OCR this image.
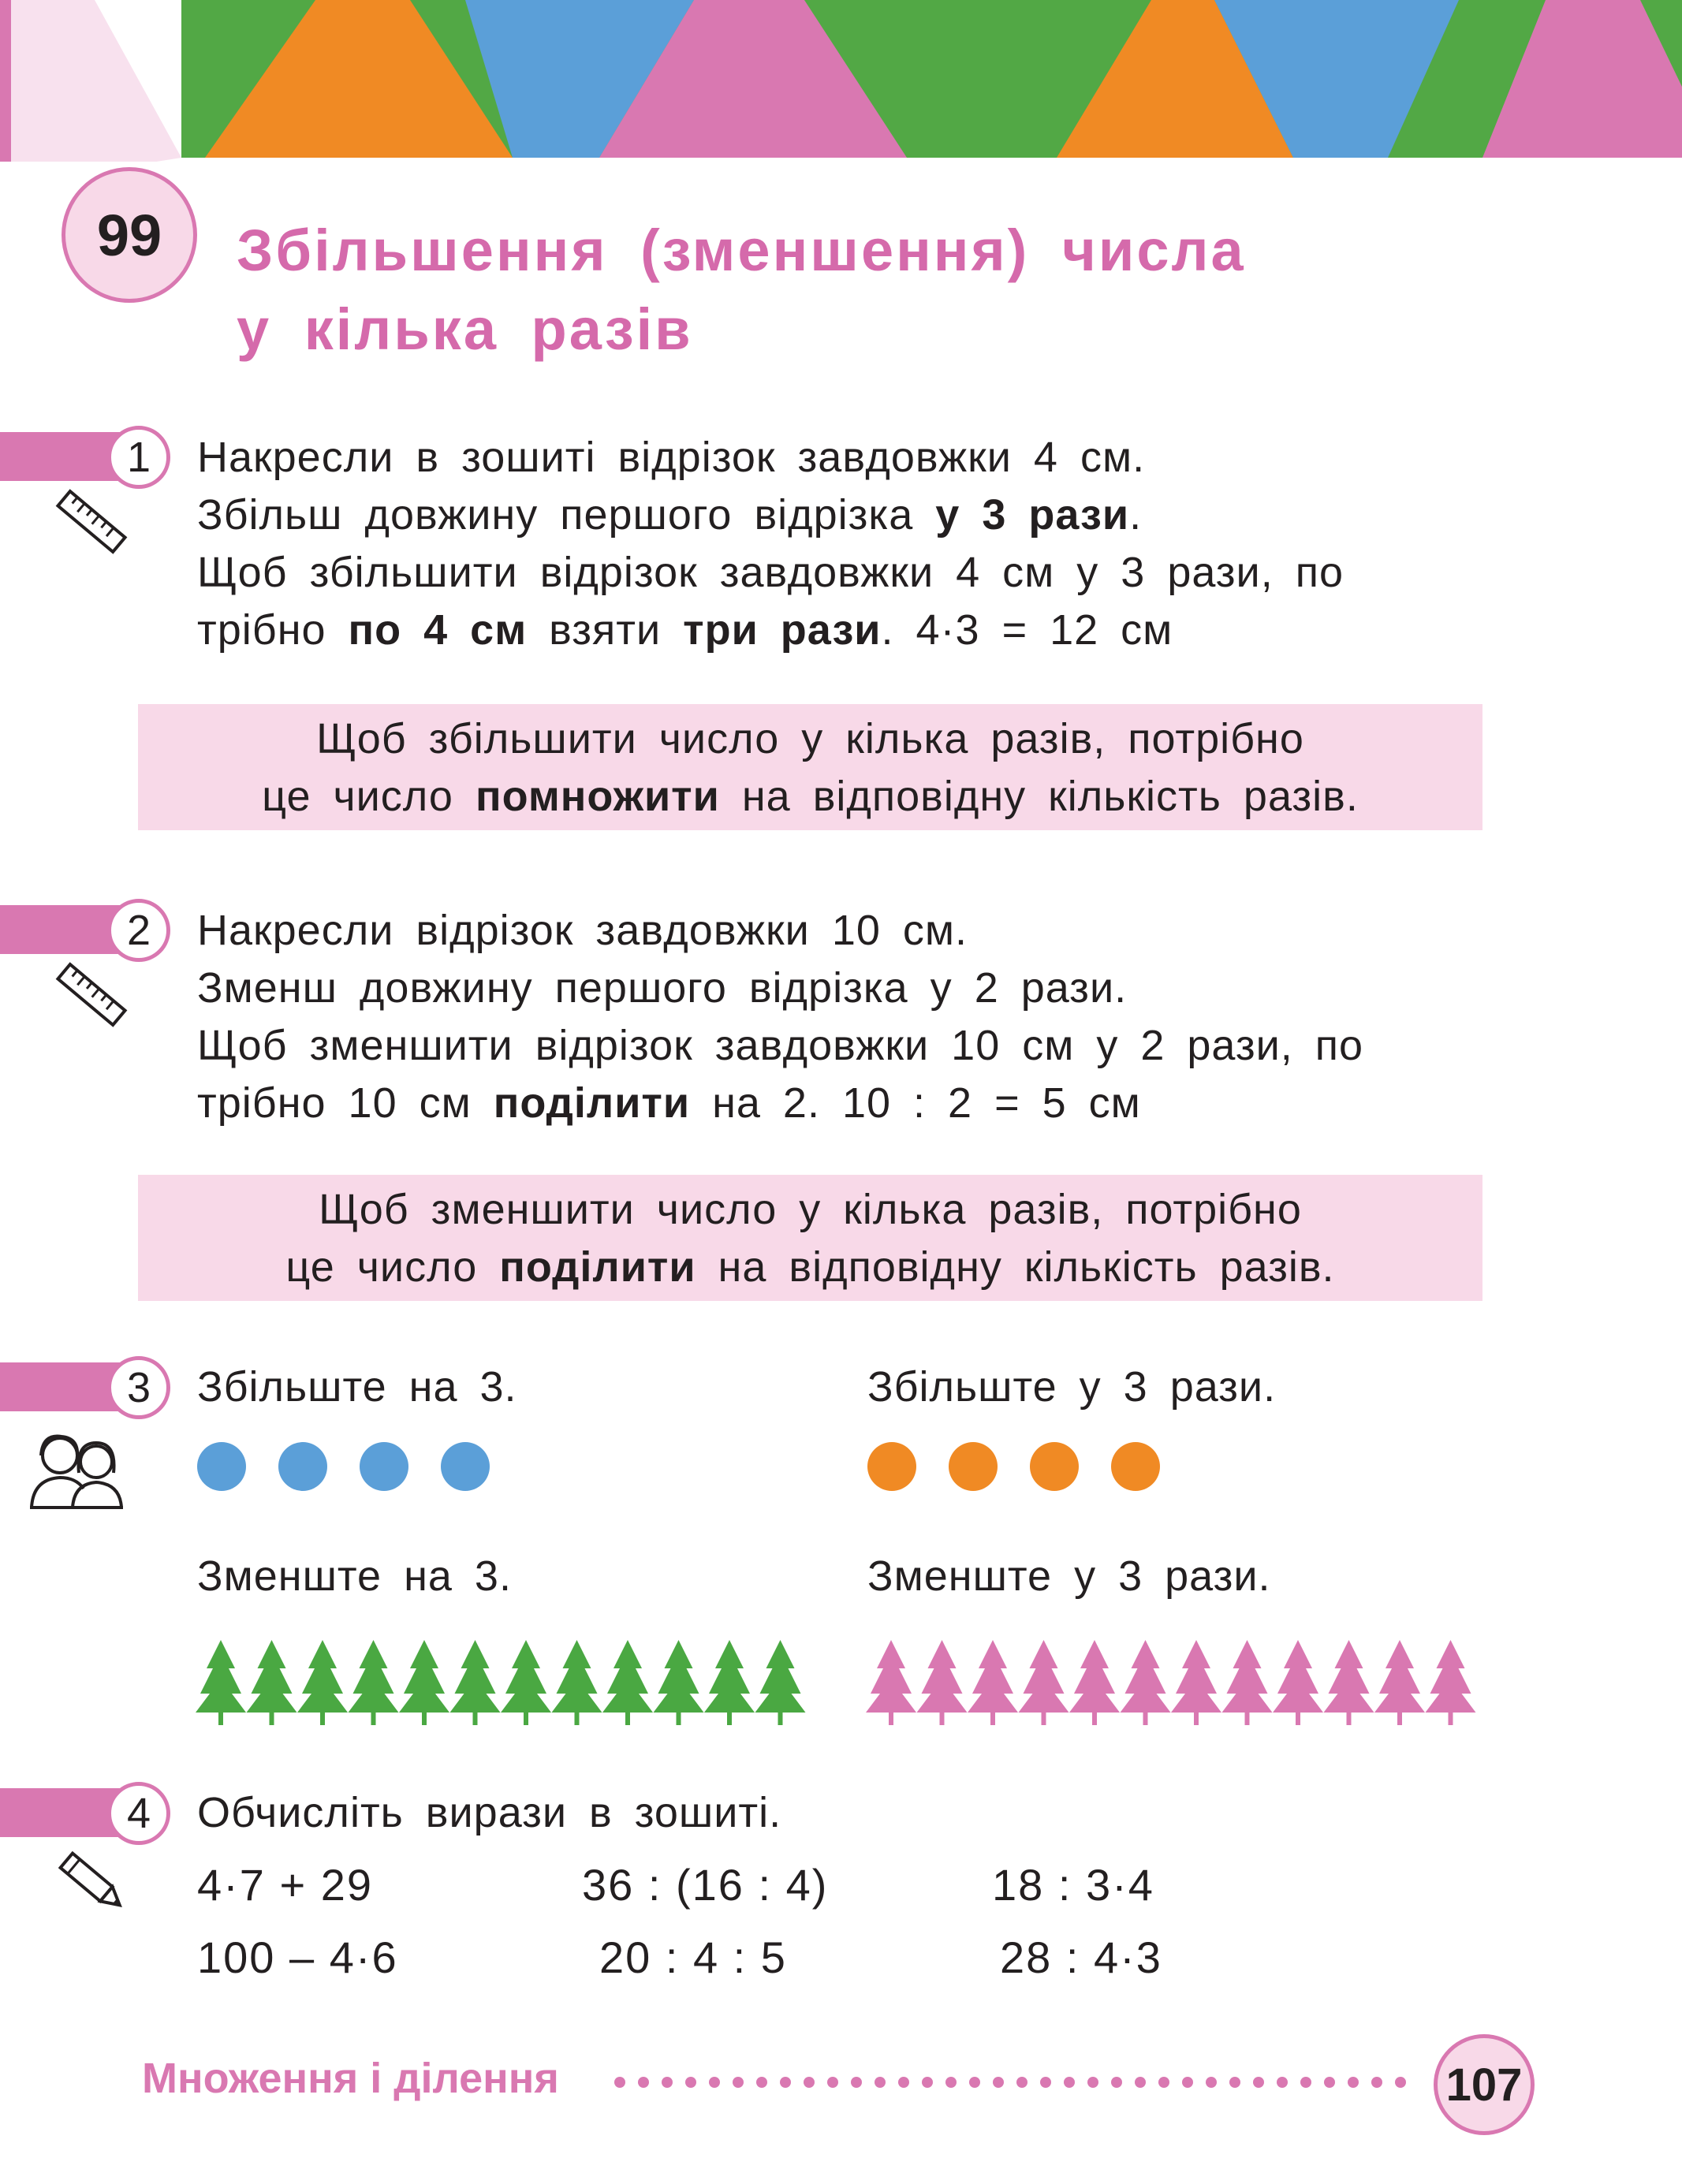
99 Збільшення (зменшення) числа
у кілька разів
1 Накресли в зошиті відрізок завдовжки 4 см.
Збільш довжину першого відрізка у 3 рази.
Щоб збільшити відрізок завдовжки 4 см у 3 рази, по
трібно по 4 см взяти три рази. 4·3 = 12 см
Щоб збільшити число у кілька разів, потрібно
це число помножити на відповідну кількість разів.
2 Накресли відрізок завдовжки 10 см.
Зменш довжину першого відрізка у 2 рази.
Щоб зменшити відрізок завдовжки 10 см у 2 рази, по
трібно 10 см поділити на 2. 10 : 2 = 5 см
Щоб зменшити число у кілька разів, потрібно
це число поділити на відповідну кількість разів.
3 Збільште на 3.	Збільште у 3 рази.
Зменште на 3.	Зменште у 3 рази.
4 Обчисліть вирази в зошиті.
4·7 + 29	36 : (16 : 4)	18 : 3·4
100 – 4·6	20 : 4 : 5	28 : 4·3
Множення і ділення	107
